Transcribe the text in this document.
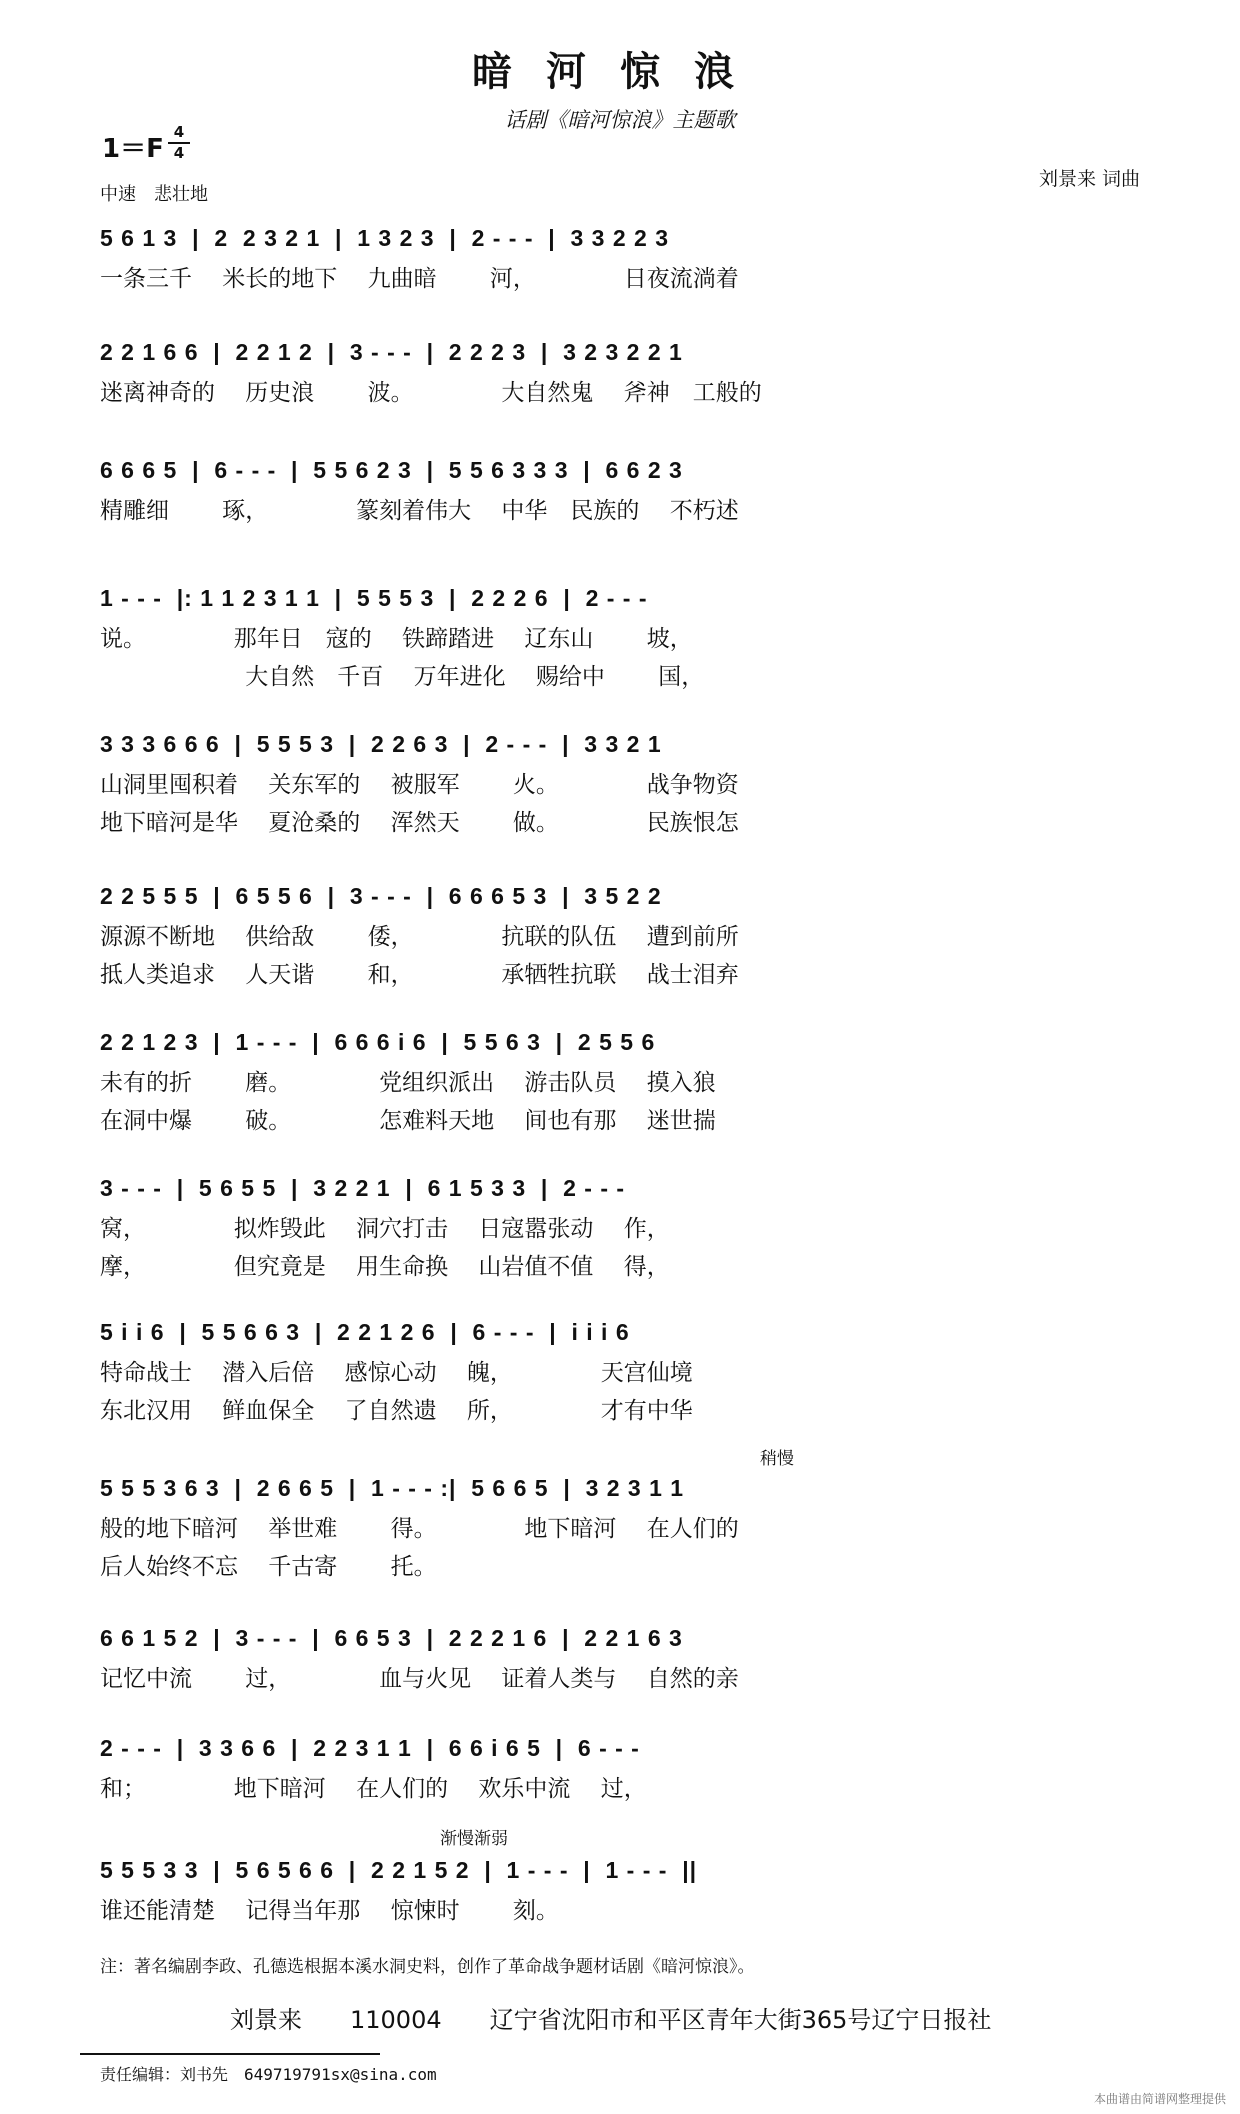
暗河惊浪
话剧《暗河惊浪》主题歌
1＝F
4
4
中速　悲壮地
刘景来 词曲
5 6 1 3  |  2  2 3 2 1  |  1 3 2 3  |  2 - - -  |  3 3 2 2 3
一条三千　 米长的地下　 九曲暗　　 河，　　　　 日夜流淌着
2 2 1 6 6  |  2 2 1 2  |  3 - - -  |  2 2 2 3  |  3 2 3 2 2 1
迷离神奇的　 历史浪　　 波。　　　　 大自然鬼　 斧神　工般的
6 6 6 5  |  6 - - -  |  5 5 6 2 3  |  5 5 6 3 3 3  |  6 6 2 3
精雕细　　 琢，　　　　 篆刻着伟大　 中华　民族的　 不朽述
1 - - -  |: 1 1 2 3 1 1  |  5 5 5 3  |  2 2 2 6  |  2 - - -
说。　　　　 那年日　寇的　 铁蹄踏进　 辽东山　　 坡，
　　　　　　 大自然　千百　 万年进化　 赐给中　　 国，
3 3 3 6 6 6  |  5 5 5 3  |  2 2 6 3  |  2 - - -  |  3 3 2 1
山洞里囤积着　 关东军的　 被服军　　 火。　　　　 战争物资
地下暗河是华　 夏沧桑的　 浑然天　　 做。　　　　 民族恨怎
2 2 5 5 5  |  6 5 5 6  |  3 - - -  |  6 6 6 5 3  |  3 5 2 2
源源不断地　 供给敌　　 倭，　　　　 抗联的队伍　 遭到前所
抵人类追求　 人天谐　　 和，　　　　 承牺牲抗联　 战士泪弃
2 2 1 2 3  |  1 - - -  |  6 6 6 i 6  |  5 5 6 3  |  2 5 5 6
未有的折　　 磨。　　　　 党组织派出　 游击队员　 摸入狼
在洞中爆　　 破。　　　　 怎难料天地　 间也有那　 迷世揣
3 - - -  |  5 6 5 5  |  3 2 2 1  |  6 1 5 3 3  |  2 - - -
窝，　　　　 拟炸毁此　 洞穴打击　 日寇嚣张动　 作，
摩，　　　　 但究竟是　 用生命换　 山岩值不值　 得，
5 i i 6  |  5 5 6 6 3  |  2 2 1 2 6  |  6 - - -  |  i i i 6
特命战士　 潜入后倍　 感惊心动　 魄，　　　　 天宫仙境
东北汉用　 鲜血保全　 了自然遗　 所，　　　　 才有中华
稍慢
5 5 5 3 6 3  |  2 6 6 5  |  1 - - - :|  5 6 6 5  |  3 2 3 1 1
般的地下暗河　 举世难　　 得。　　　　 地下暗河　 在人们的
后人始终不忘　 千古寄　　 托。
6 6 1 5 2  |  3 - - -  |  6 6 5 3  |  2 2 2 1 6  |  2 2 1 6 3
记忆中流　　 过，　　　　 血与火见　 证着人类与　 自然的亲
2 - - -  |  3 3 6 6  |  2 2 3 1 1  |  6 6 i 6 5  |  6 - - -
和；　　　　 地下暗河　 在人们的　 欢乐中流　 过，
渐慢渐弱
5 5 5 3 3  |  5 6 5 6 6  |  2 2 1 5 2  |  1 - - -  |  1 - - -  ||
谁还能清楚　 记得当年那　 惊悚时　　 刻。
注：著名编剧李政、孔德选根据本溪水洞史料，创作了革命战争题材话剧《暗河惊浪》。
刘景来　　110004　　辽宁省沈阳市和平区青年大街365号辽宁日报社
责任编辑：刘书先　649719791sx@sina.com
本曲谱由简谱网整理提供
